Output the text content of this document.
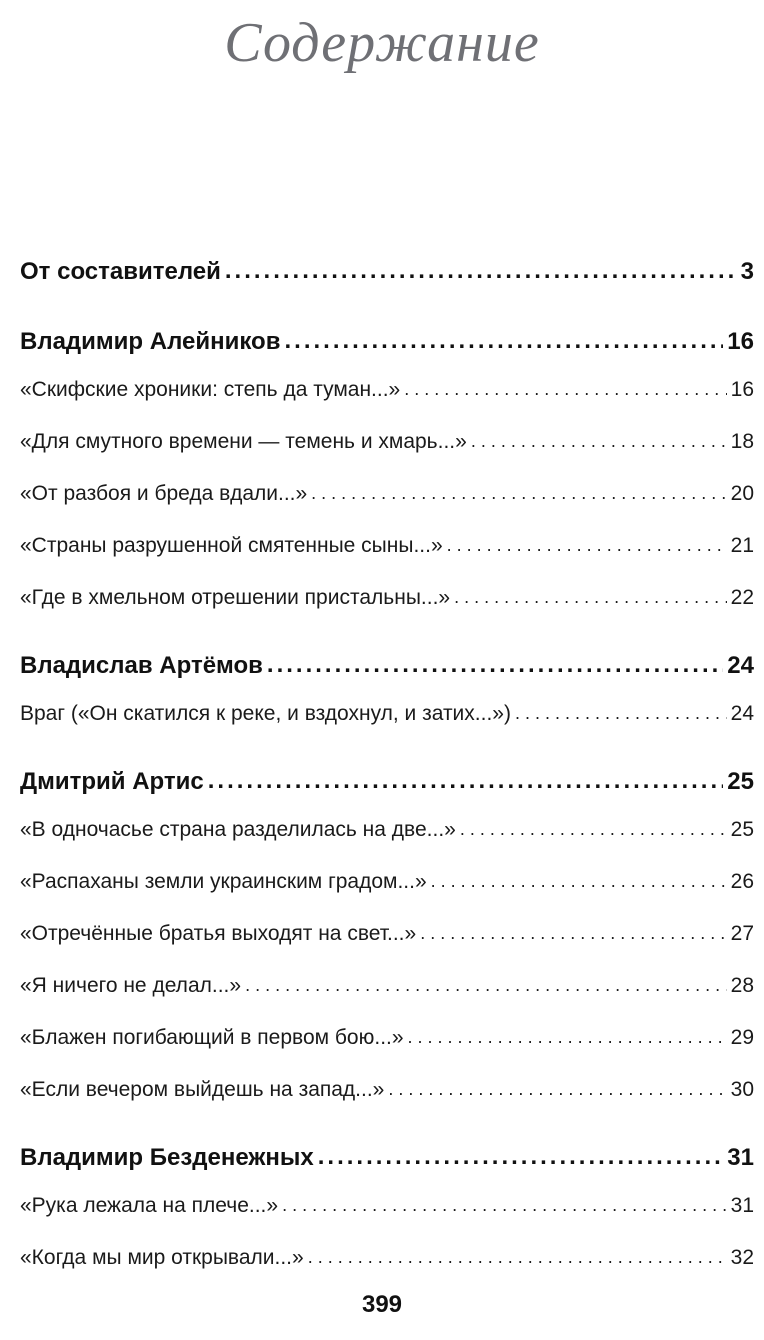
Содержание
От составителей .....	3
Владимир Алейников .....	16
«Скифские хроники: степь да туман...» . . .	16
«Для смутного времени — темень и хмарь...» . . .	18
«От разбоя и бреда вдали...» . . .	20
«Страны разрушенной смятенные сыны...» . . .	21
«Где в хмельном отрешении пристальны...» . . .	22
Владислав Артёмов .....	24
Враг («Он скатился к реке, и вздохнул, и затих...») . . .	24
Дмитрий Артис .....	25
«В одночасье страна разделилась на две...» . . .	25
«Распаханы земли украинским градом...» . . .	26
«Отречённые братья выходят на свет...» . . .	27
«Я ничего не делал...» . . .	28
«Блажен погибающий в первом бою...» . . .	29
«Если вечером выйдешь на запад...» . . .	30
Владимир Безденежных .....	31
«Рука лежала на плече...» . . .	31
«Когда мы мир открывали...» . . .	32
399
